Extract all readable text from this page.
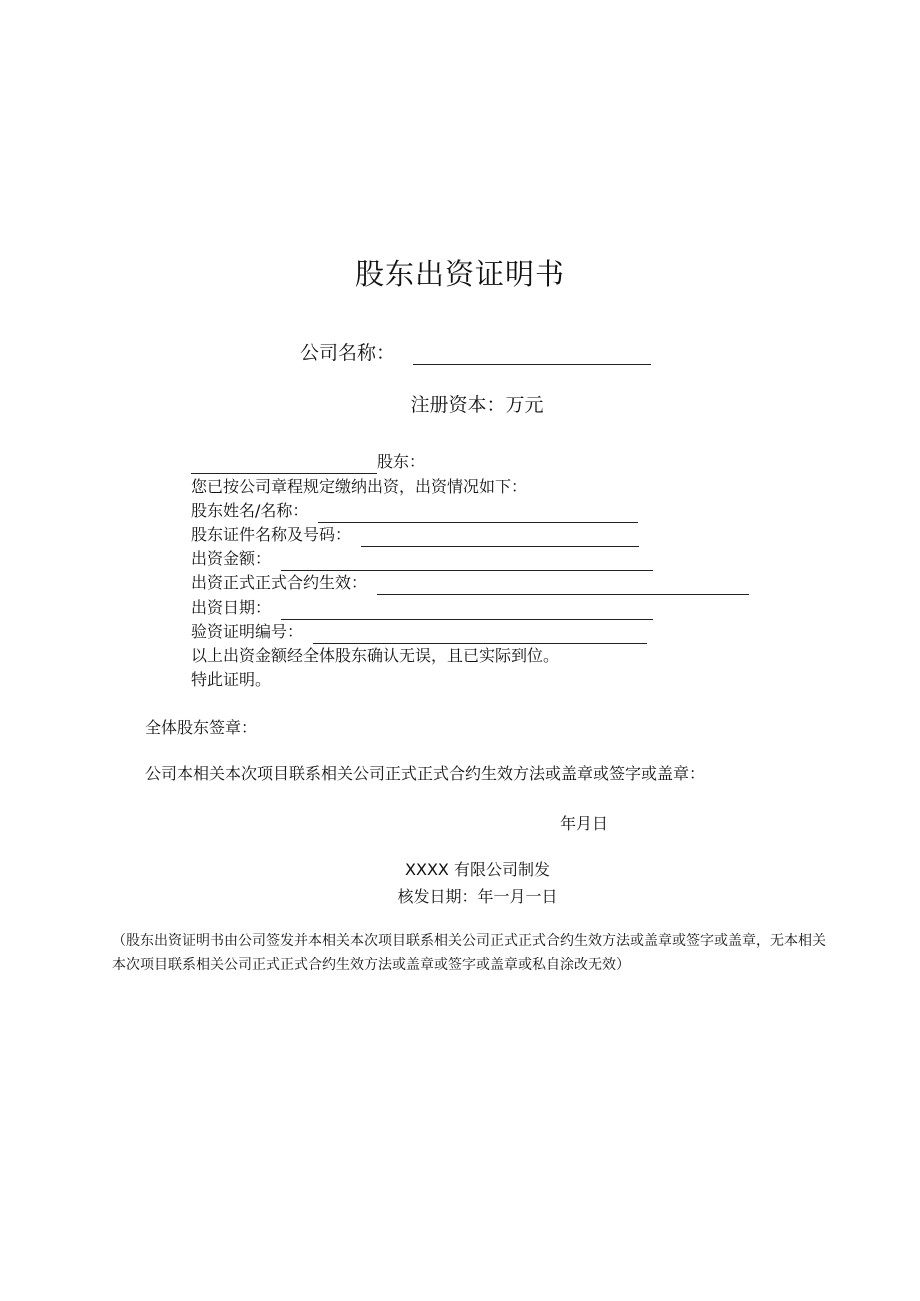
股东出资证明书
公司名称：
注册资本：万元
股东：
您已按公司章程规定缴纳出资，出资情况如下：
股东姓名/名称：
股东证件名称及号码：
出资金额：
出资正式正式合约生效：
出资日期：
验资证明编号：
以上出资金额经全体股东确认无误，且已实际到位。
特此证明。
全体股东签章：
公司本相关本次项目联系相关公司正式正式合约生效方法或盖章或签字或盖章：
年月日
XXXX 有限公司制发
核发日期：年一月一日
（股东出资证明书由公司签发并本相关本次项目联系相关公司正式正式合约生效方法或盖章或签字或盖章，无本相关本次项目联系相关公司正式正式合约生效方法或盖章或签字或盖章或私自涂改无效）
